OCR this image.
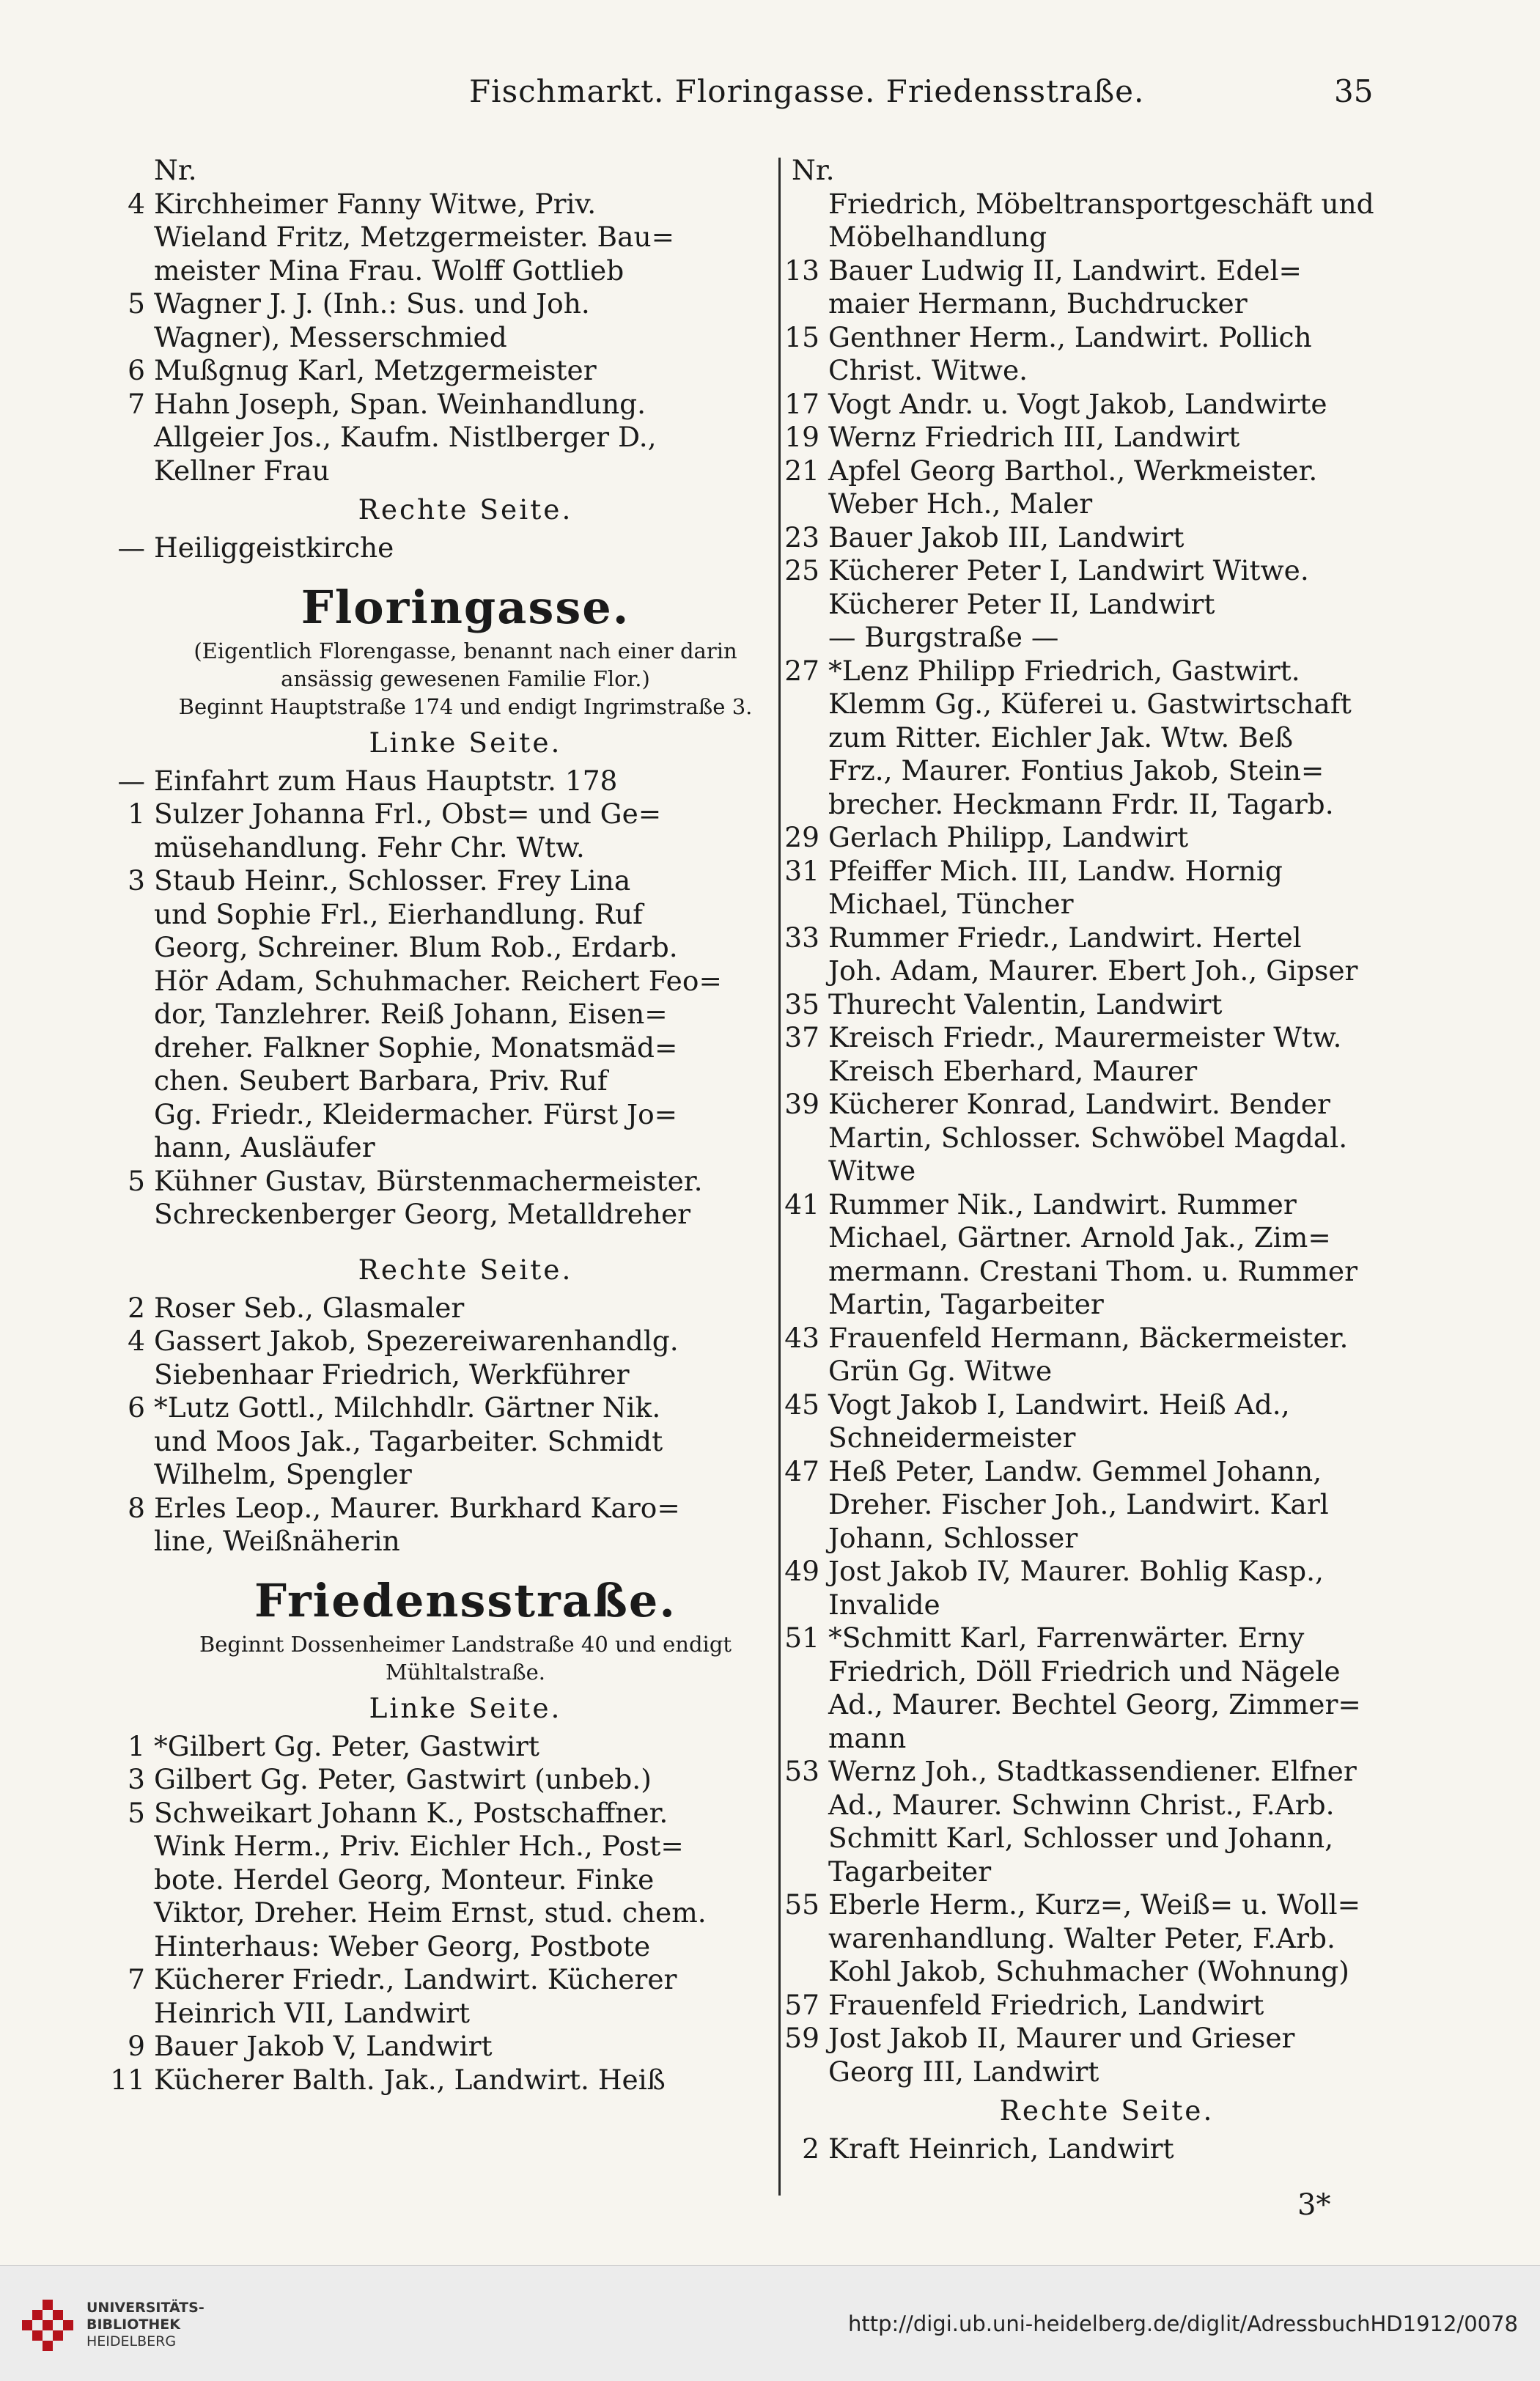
Fischmarkt. Floringasse. Friedensstraße.	35
Nr.
4 Kirchheimer Fanny Witwe, Priv.
Wieland Fritz, Metzgermeister. Bau=
meister Mina Frau. Wolff Gottlieb
5 Wagner J. J. (Inh.: Sus. und Joh.
Wagner), Messerschmied
6 Mußgnug Karl, Metzgermeister
7 Hahn Joseph, Span. Weinhandlung.
Allgeier Jos., Kaufm. Nistlberger D.,
Kellner Frau
Rechte Seite.
— Heiliggeistkirche
Floringasse.
(Eigentlich Florengasse, benannt nach einer darin
ansässig gewesenen Familie Flor.)
Beginnt Hauptstraße 174 und endigt Ingrimstraße 3.
Linke Seite.
— Einfahrt zum Haus Hauptstr. 178
1 Sulzer Johanna Frl., Obst= und Ge=
müsehandlung. Fehr Chr. Wtw.
3 Staub Heinr., Schlosser. Frey Lina
und Sophie Frl., Eierhandlung. Ruf
Georg, Schreiner. Blum Rob., Erdarb.
Hör Adam, Schuhmacher. Reichert Feo=
dor, Tanzlehrer. Reiß Johann, Eisen=
dreher. Falkner Sophie, Monatsmäd=
chen. Seubert Barbara, Priv. Ruf
Gg. Friedr., Kleidermacher. Fürst Jo=
hann, Ausläufer
5 Kühner Gustav, Bürstenmachermeister.
Schreckenberger Georg, Metalldreher
Rechte Seite.
2 Roser Seb., Glasmaler
4 Gassert Jakob, Spezereiwarenhandlg.
Siebenhaar Friedrich, Werkführer
6 *Lutz Gottl., Milchhdlr. Gärtner Nik.
und Moos Jak., Tagarbeiter. Schmidt
Wilhelm, Spengler
8 Erles Leop., Maurer. Burkhard Karo=
line, Weißnäherin
Friedensstraße.
Beginnt Dossenheimer Landstraße 40 und endigt
Mühltalstraße.
Linke Seite.
1 *Gilbert Gg. Peter, Gastwirt
3 Gilbert Gg. Peter, Gastwirt (unbeb.)
5 Schweikart Johann K., Postschaffner.
Wink Herm., Priv. Eichler Hch., Post=
bote. Herdel Georg, Monteur. Finke
Viktor, Dreher. Heim Ernst, stud. chem.
Hinterhaus: Weber Georg, Postbote
7 Kücherer Friedr., Landwirt. Kücherer
Heinrich VII, Landwirt
9 Bauer Jakob V, Landwirt
11 Kücherer Balth. Jak., Landwirt. Heiß
Nr.
Friedrich, Möbeltransportgeschäft und
Möbelhandlung
13 Bauer Ludwig II, Landwirt. Edel=
maier Hermann, Buchdrucker
15 Genthner Herm., Landwirt. Pollich
Christ. Witwe.
17 Vogt Andr. u. Vogt Jakob, Landwirte
19 Wernz Friedrich III, Landwirt
21 Apfel Georg Barthol., Werkmeister.
Weber Hch., Maler
23 Bauer Jakob III, Landwirt
25 Kücherer Peter I, Landwirt Witwe.
Kücherer Peter II, Landwirt
— Burgstraße —
27 *Lenz Philipp Friedrich, Gastwirt.
Klemm Gg., Küferei u. Gastwirtschaft
zum Ritter. Eichler Jak. Wtw. Beß
Frz., Maurer. Fontius Jakob, Stein=
brecher. Heckmann Frdr. II, Tagarb.
29 Gerlach Philipp, Landwirt
31 Pfeiffer Mich. III, Landw. Hornig
Michael, Tüncher
33 Rummer Friedr., Landwirt. Hertel
Joh. Adam, Maurer. Ebert Joh., Gipser
35 Thurecht Valentin, Landwirt
37 Kreisch Friedr., Maurermeister Wtw.
Kreisch Eberhard, Maurer
39 Kücherer Konrad, Landwirt. Bender
Martin, Schlosser. Schwöbel Magdal.
Witwe
41 Rummer Nik., Landwirt. Rummer
Michael, Gärtner. Arnold Jak., Zim=
mermann. Crestani Thom. u. Rummer
Martin, Tagarbeiter
43 Frauenfeld Hermann, Bäckermeister.
Grün Gg. Witwe
45 Vogt Jakob I, Landwirt. Heiß Ad.,
Schneidermeister
47 Heß Peter, Landw. Gemmel Johann,
Dreher. Fischer Joh., Landwirt. Karl
Johann, Schlosser
49 Jost Jakob IV, Maurer. Bohlig Kasp.,
Invalide
51 *Schmitt Karl, Farrenwärter. Erny
Friedrich, Döll Friedrich und Nägele
Ad., Maurer. Bechtel Georg, Zimmer=
mann
53 Wernz Joh., Stadtkassendiener. Elfner
Ad., Maurer. Schwinn Christ., F.Arb.
Schmitt Karl, Schlosser und Johann,
Tagarbeiter
55 Eberle Herm., Kurz=, Weiß= u. Woll=
warenhandlung. Walter Peter, F.Arb.
Kohl Jakob, Schuhmacher (Wohnung)
57 Frauenfeld Friedrich, Landwirt
59 Jost Jakob II, Maurer und Grieser
Georg III, Landwirt
Rechte Seite.
2 Kraft Heinrich, Landwirt
3*
UNIVERSITÄTS-
BIBLIOTHEK
HEIDELBERG
http://digi.ub.uni-heidelberg.de/diglit/AdressbuchHD1912/0078
